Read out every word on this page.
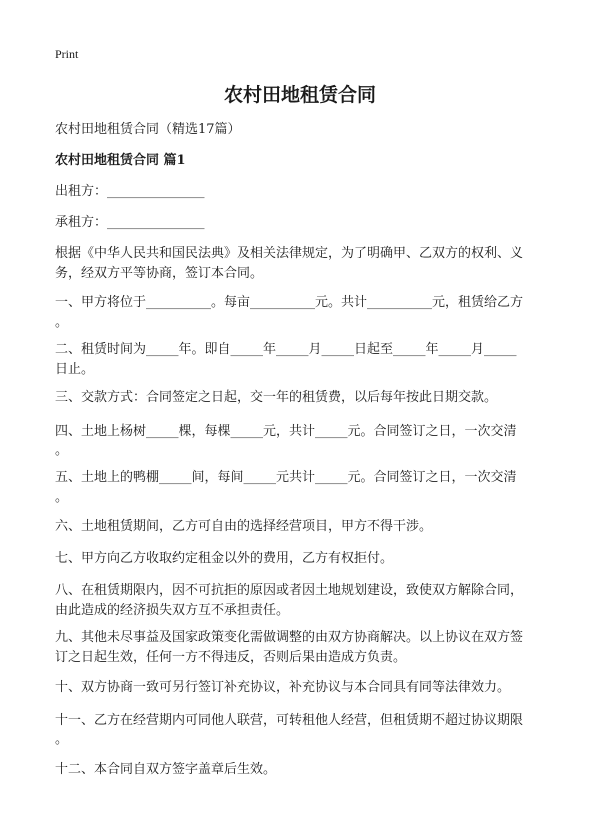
Print
农村田地租赁合同
农村田地租赁合同（精选17篇）
农村田地租赁合同 篇1
出租方：_______________
承租方：_______________
根据《中华人民共和国民法典》及相关法律规定，为了明确甲、乙双方的权利、义
务，经双方平等协商，签订本合同。
一、甲方将位于__________。每亩__________元。共计__________元，租赁给乙方
。
二、租赁时间为_____年。即自_____年_____月_____日起至_____年_____月_____
日止。
三、交款方式：合同签定之日起，交一年的租赁费，以后每年按此日期交款。
四、土地上杨树_____棵，每棵_____元，共计_____元。合同签订之日，一次交清
。
五、土地上的鸭棚_____间，每间_____元共计_____元。合同签订之日，一次交清
。
六、土地租赁期间，乙方可自由的选择经营项目，甲方不得干涉。
七、甲方向乙方收取约定租金以外的费用，乙方有权拒付。
八、在租赁期限内，因不可抗拒的原因或者因土地规划建设，致使双方解除合同，
由此造成的经济损失双方互不承担责任。
九、其他未尽事益及国家政策变化需做调整的由双方协商解决。以上协议在双方签
订之日起生效，任何一方不得违反，否则后果由造成方负责。
十、双方协商一致可另行签订补充协议，补充协议与本合同具有同等法律效力。
十一、乙方在经营期内可同他人联营，可转租他人经营，但租赁期不超过协议期限
。
十二、本合同自双方签字盖章后生效。
